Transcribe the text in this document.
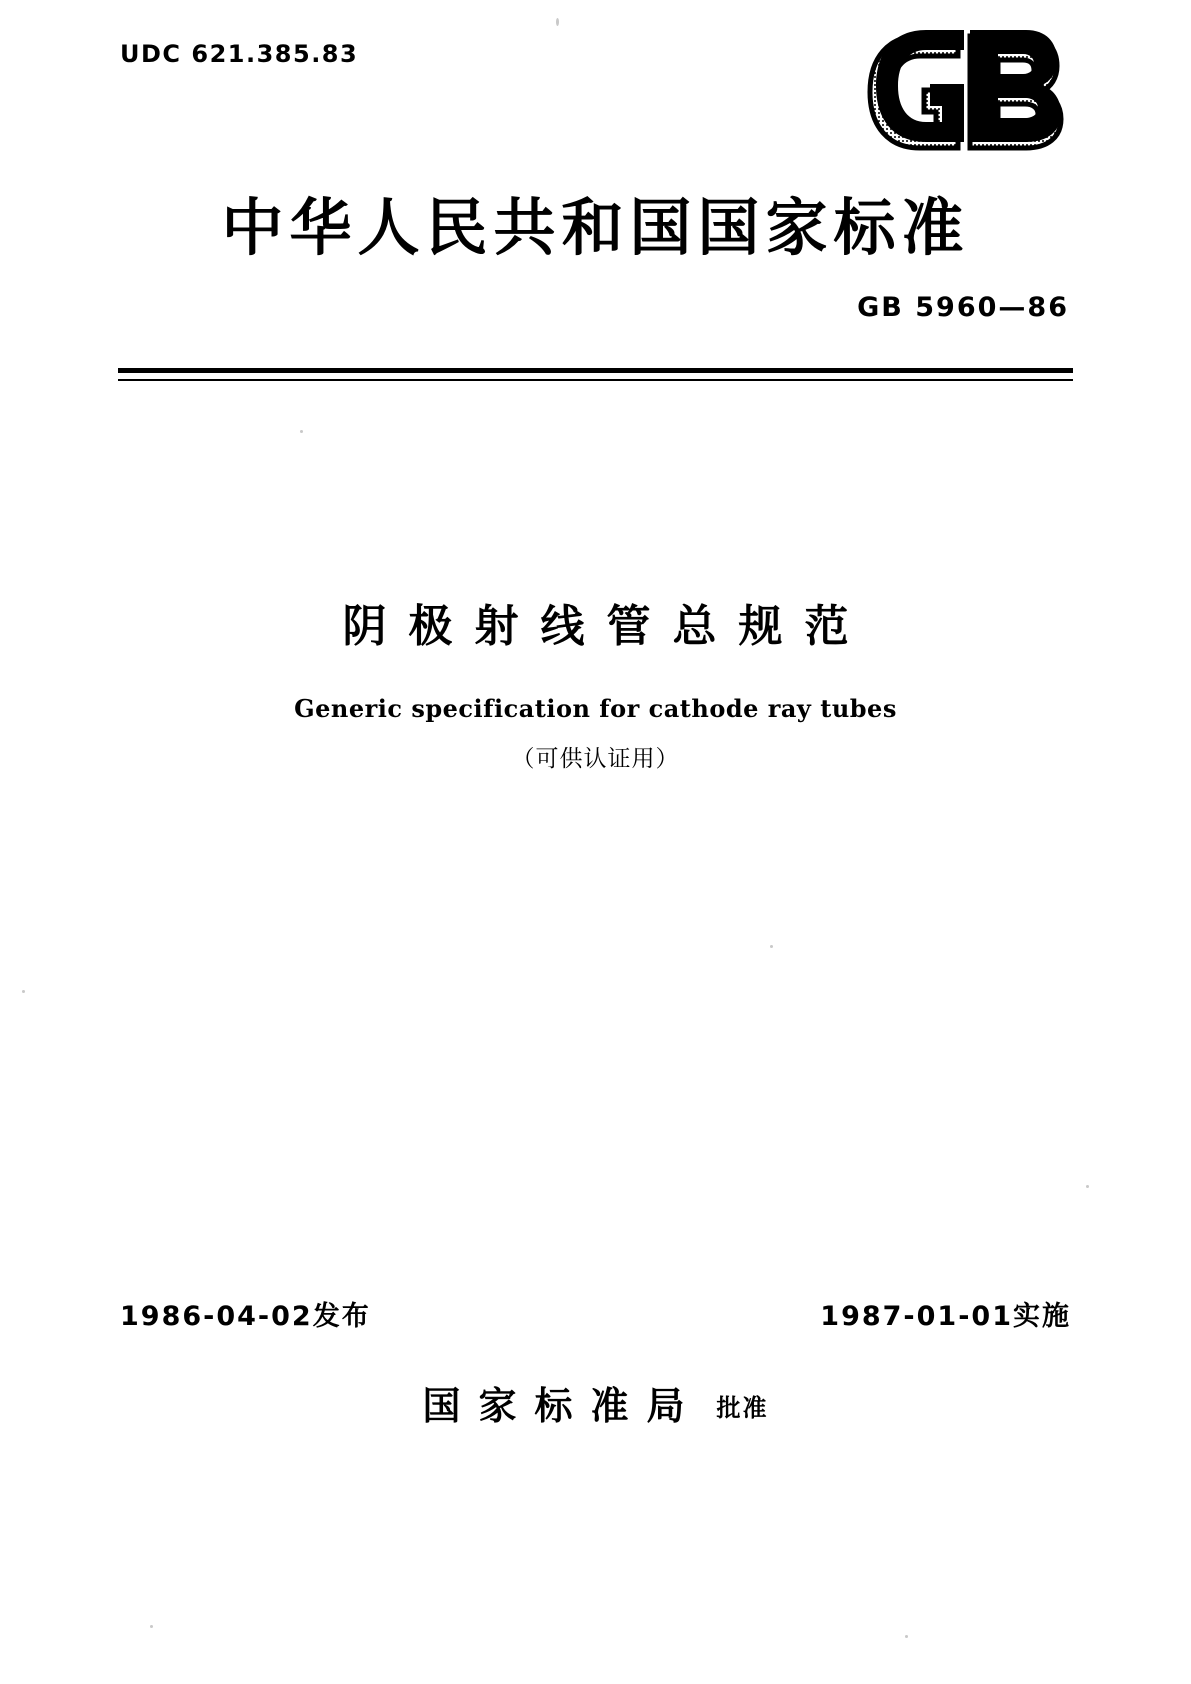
UDC 621.385.83
中华人民共和国国家标准
GB 5960—86
阴极射线管总规范
Generic specification for cathode ray tubes
（可供认证用）
1986-04-02发布	1987-01-01实施
国家标准局 批准
